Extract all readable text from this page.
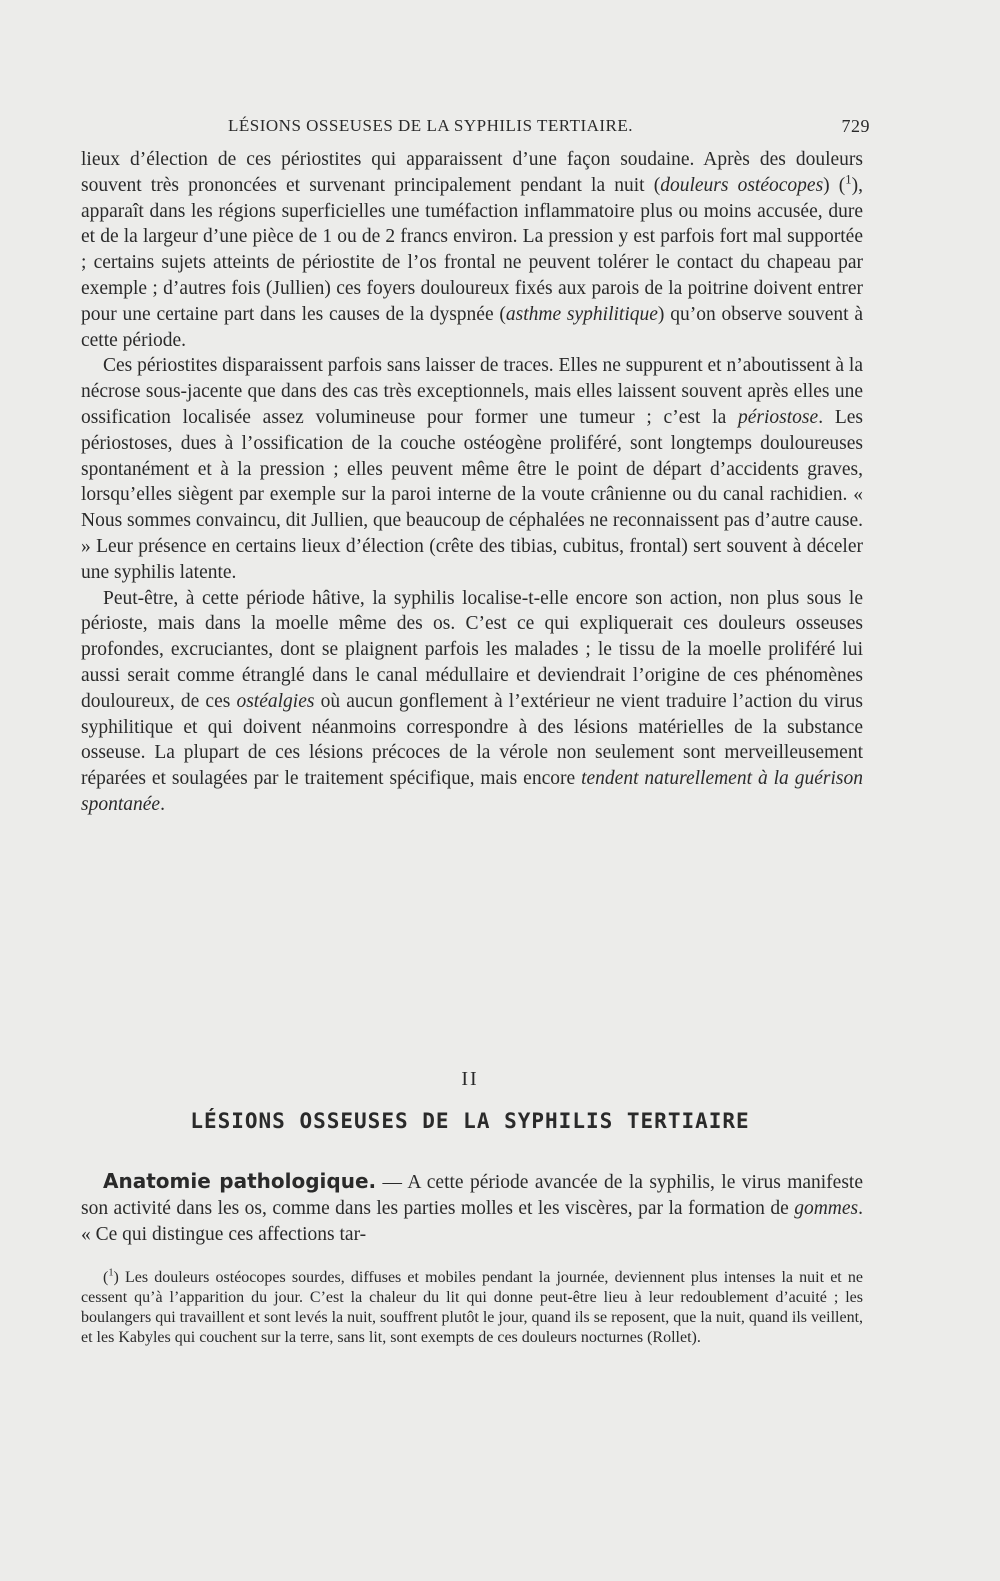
LÉSIONS OSSEUSES DE LA SYPHILIS TERTIAIRE.	729

lieux d’élection de ces périostites qui apparaissent d’une façon soudaine. Après des douleurs souvent très prononcées et survenant principalement pendant la nuit (douleurs ostéocopes) ($^1$), apparaît dans les régions superficielles une tuméfaction inflammatoire plus ou moins accusée, dure et de la largeur d’une pièce de 1 ou de 2 francs environ. La pression y est parfois fort mal supportée ; certains sujets atteints de périostite de l’os frontal ne peuvent tolérer le contact du chapeau par exemple ; d’autres fois (Jullien) ces foyers douloureux fixés aux parois de la poitrine doivent entrer pour une certaine part dans les causes de la dyspnée (asthme syphilitique) qu’on observe souvent à cette période.

Ces périostites disparaissent parfois sans laisser de traces. Elles ne suppurent et n’aboutissent à la nécrose sous-jacente que dans des cas très exceptionnels, mais elles laissent souvent après elles une ossification localisée assez volumineuse pour former une tumeur ; c’est la périostose. Les périostoses, dues à l’ossification de la couche ostéogène proliféré, sont longtemps douloureuses spontanément et à la pression ; elles peuvent même être le point de départ d’accidents graves, lorsqu’elles siègent par exemple sur la paroi interne de la voute crânienne ou du canal rachidien. « Nous sommes convaincu, dit Jullien, que beaucoup de céphalées ne reconnaissent pas d’autre cause. » Leur présence en certains lieux d’élection (crête des tibias, cubitus, frontal) sert souvent à déceler une syphilis latente.

Peut-être, à cette période hâtive, la syphilis localise-t-elle encore son action, non plus sous le périoste, mais dans la moelle même des os. C’est ce qui expliquerait ces douleurs osseuses profondes, excruciantes, dont se plaignent parfois les malades ; le tissu de la moelle proliféré lui aussi serait comme étranglé dans le canal médullaire et deviendrait l’origine de ces phénomènes douloureux, de ces ostéalgies où aucun gonflement à l’extérieur ne vient traduire l’action du virus syphilitique et qui doivent néanmoins correspondre à des lésions matérielles de la substance osseuse. La plupart de ces lésions précoces de la vérole non seulement sont merveilleusement réparées et soulagées par le traitement spécifique, mais encore tendent naturellement à la guérison spontanée.

II
LÉSIONS OSSEUSES DE LA SYPHILIS TERTIAIRE

Anatomie pathologique. — A cette période avancée de la syphilis, le virus manifeste son activité dans les os, comme dans les parties molles et les viscères, par la formation de gommes. « Ce qui distingue ces affections tar-

($^1$) Les douleurs ostéocopes sourdes, diffuses et mobiles pendant la journée, deviennent plus intenses la nuit et ne cessent qu’à l’apparition du jour. C’est la chaleur du lit qui donne peut-être lieu à leur redoublement d’acuité ; les boulangers qui travaillent et sont levés la nuit, souffrent plutôt le jour, quand ils se reposent, que la nuit, quand ils veillent, et les Kabyles qui couchent sur la terre, sans lit, sont exempts de ces douleurs nocturnes (Rollet).
